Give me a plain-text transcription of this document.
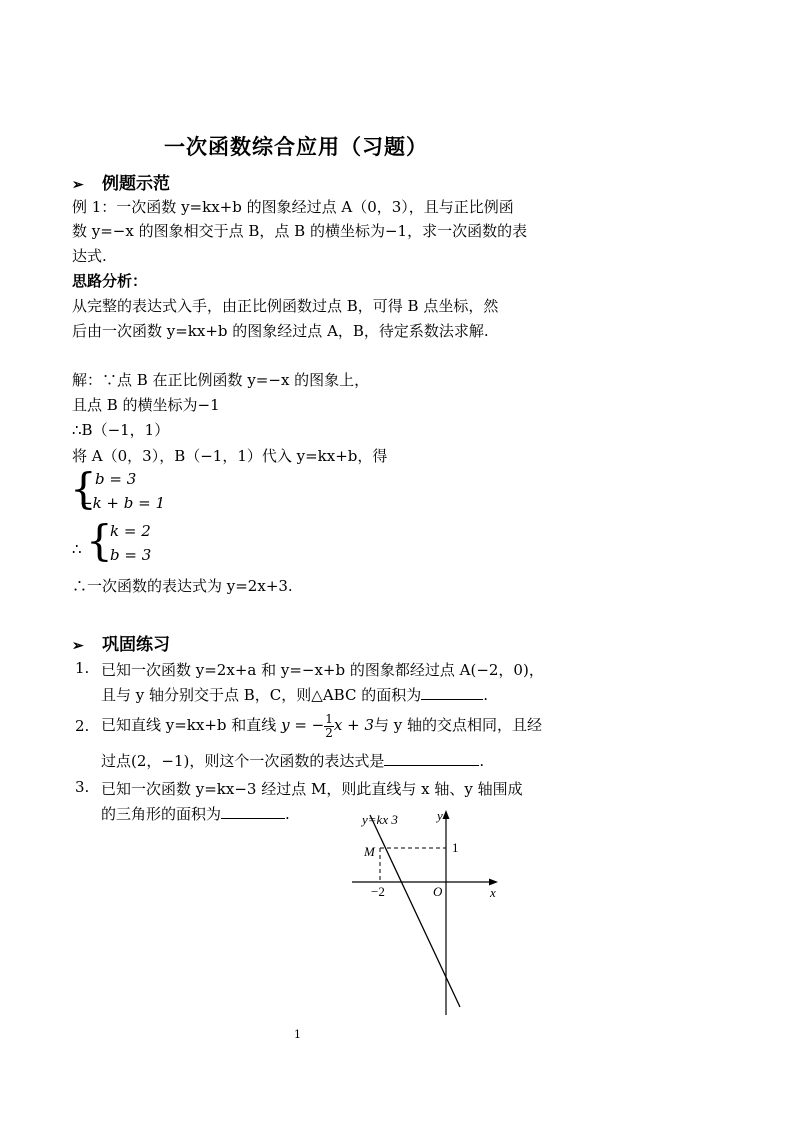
一次函数综合应用（习题）
➢ 例题示范
例 1：一次函数 y=kx+b 的图象经过点 A（0，3），且与正比例函
数 y=−x 的图象相交于点 B，点 B 的横坐标为−1，求一次函数的表
达式.
思路分析：
从完整的表达式入手，由正比例函数过点 B，可得 B 点坐标，然
后由一次函数 y=kx+b 的图象经过点 A，B，待定系数法求解.
解：∵点 B 在正比例函数 y=−x 的图象上，
且点 B 的横坐标为−1
∴B（−1，1）
将 A（0，3），B（−1，1）代入 y=kx+b，得
{
b = 3
−k + b = 1
∴ {
k = 2
b = 3
∴一次函数的表达式为 y=2x+3.
➢ 巩固练习
1. 已知一次函数 y=2x+a 和 y=−x+b 的图象都经过点 A(−2，0)，
且与 y 轴分别交于点 B，C，则△ABC 的面积为	.
2. 已知直线 y=kx+b 和直线 y = − $\frac{1}{2}$ x + 3与 y 轴的交点相同，且经
过点(2，−1)，则这个一次函数的表达式是	.
3. 已知一次函数 y=kx−3 经过点 M，则此直线与 x 轴、y 轴围成
的三角形的面积为	.	y=kx 3	y
x
M	1
−2	O
1
